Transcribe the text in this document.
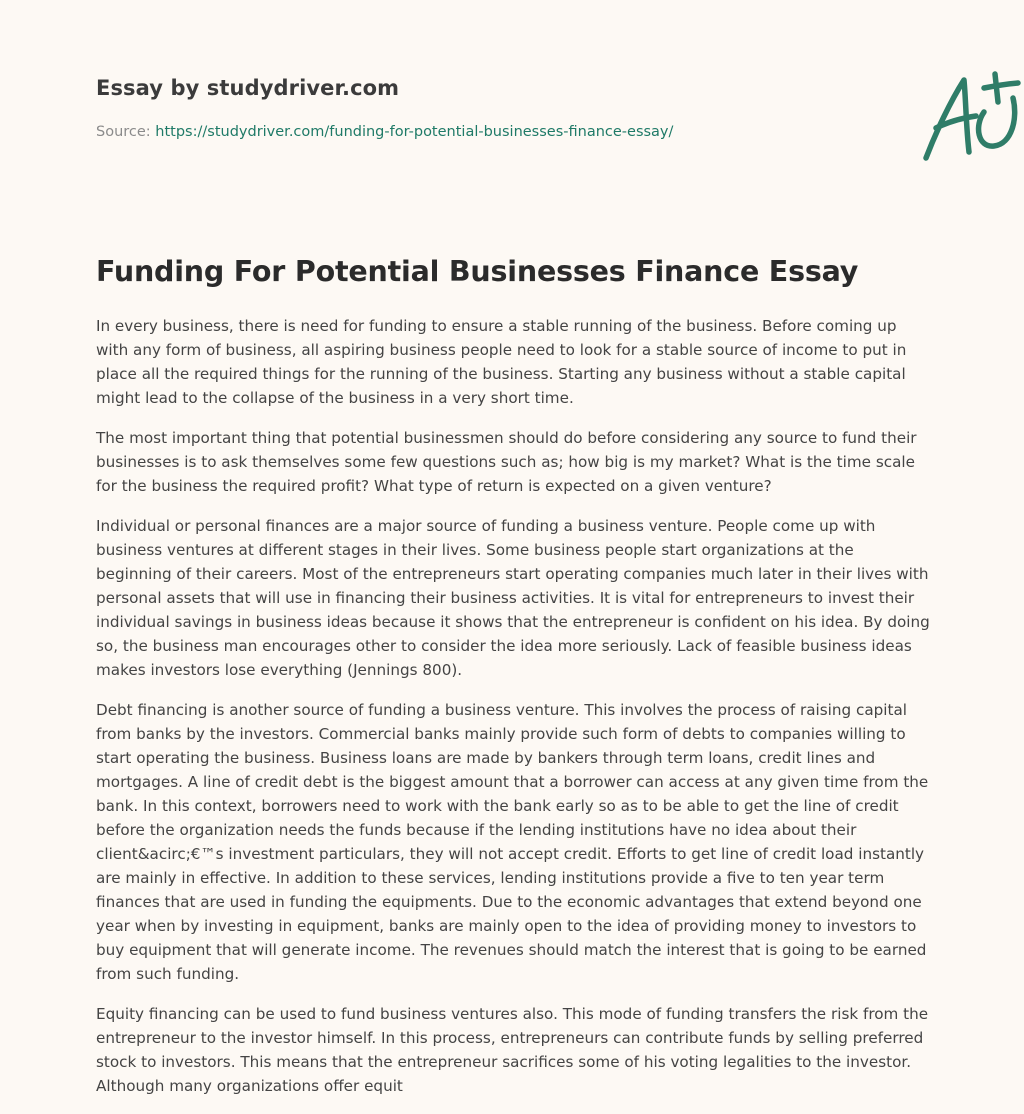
Essay by studydriver.com
Source: https://studydriver.com/funding-for-potential-businesses-finance-essay/
Funding For Potential Businesses Finance Essay

In every business, there is need for funding to ensure a stable running of the business. Before coming up with any form of business, all aspiring business people need to look for a stable source of income to put in place all the required things for the running of the business. Starting any business without a stable capital might lead to the collapse of the business in a very short time.

The most important thing that potential businessmen should do before considering any source to fund their businesses is to ask themselves some few questions such as; how big is my market? What is the time scale for the business the required profit? What type of return is expected on a given venture?

Individual or personal finances are a major source of funding a business venture. People come up with business ventures at different stages in their lives. Some business people start organizations at the beginning of their careers. Most of the entrepreneurs start operating companies much later in their lives with personal assets that will use in financing their business activities. It is vital for entrepreneurs to invest their individual savings in business ideas because it shows that the entrepreneur is confident on his idea. By doing so, the business man encourages other to consider the idea more seriously. Lack of feasible business ideas makes investors lose everything (Jennings 800).

Debt financing is another source of funding a business venture. This involves the process of raising capital from banks by the investors. Commercial banks mainly provide such form of debts to companies willing to start operating the business. Business loans are made by bankers through term loans, credit lines and mortgages. A line of credit debt is the biggest amount that a borrower can access at any given time from the bank. In this context, borrowers need to work with the bank early so as to be able to get the line of credit before the organization needs the funds because if the lending institutions have no idea about their client&acirc;€™s investment particulars, they will not accept credit. Efforts to get line of credit load instantly are mainly in effective. In addition to these services, lending institutions provide a five to ten year term finances that are used in funding the equipments. Due to the economic advantages that extend beyond one year when by investing in equipment, banks are mainly open to the idea of providing money to investors to buy equipment that will generate income. The revenues should match the interest that is going to be earned from such funding.

Equity financing can be used to fund business ventures also. This mode of funding transfers the risk from the entrepreneur to the investor himself. In this process, entrepreneurs can contribute funds by selling preferred stock to investors. This means that the entrepreneur sacrifices some of his voting legalities to the investor. Although many organizations offer equit
